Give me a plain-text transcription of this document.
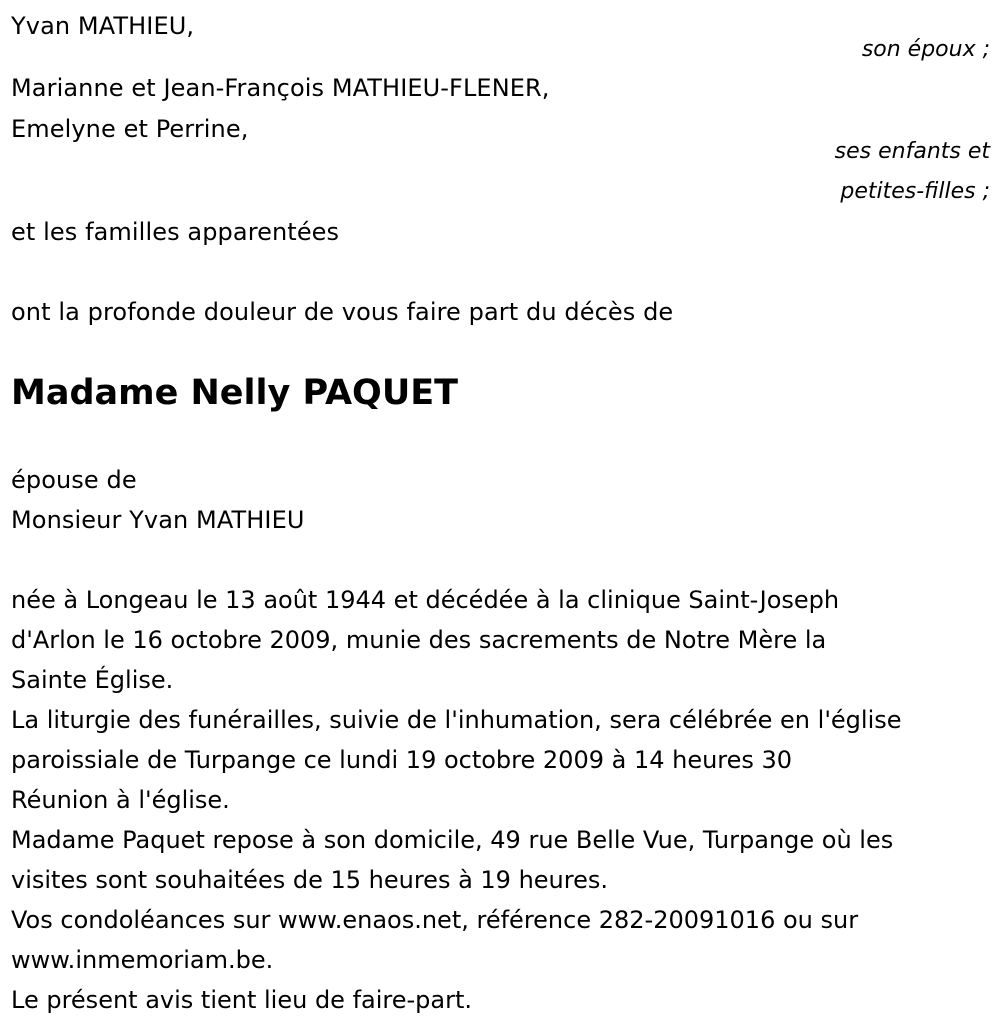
Yvan MATHIEU,
son époux ;
Marianne et Jean-François MATHIEU-FLENER,
Emelyne et Perrine,
ses enfants et
petites-filles ;
et les familles apparentées
ont la profonde douleur de vous faire part du décès de
Madame Nelly PAQUET
épouse de
Monsieur Yvan MATHIEU

née à Longeau le 13 août 1944 et décédée à la clinique Saint-Joseph

d'Arlon le 16 octobre 2009, munie des sacrements de Notre Mère la

Sainte Église.

La liturgie des funérailles, suivie de l'inhumation, sera célébrée en l'église

paroissiale de Turpange ce lundi 19 octobre 2009 à 14 heures 30

Réunion à l'église.

Madame Paquet repose à son domicile, 49 rue Belle Vue, Turpange où les

visites sont souhaitées de 15 heures à 19 heures.

Vos condoléances sur www.enaos.net, référence 282-20091016 ou sur

www.inmemoriam.be.

Le présent avis tient lieu de faire-part.
